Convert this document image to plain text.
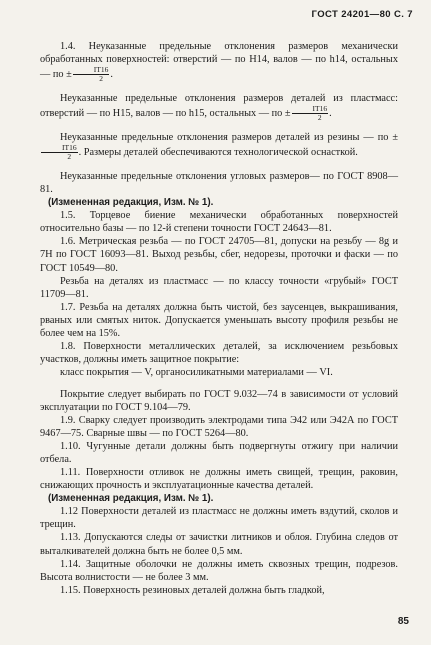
ГОСТ 24201—80 С. 7

1.4. Неуказанные предельные отклонения размеров механически обработанных поверхностей: отверстий — по Н14, валов — по h14, остальных — по ± $\frac{IT16}{2}$ .

Неуказанные предельные отклонения размеров деталей из пластмасс: отверстий — по Н15, валов — по h15, остальных — по ± $\frac{IT16}{2}$ .

Неуказанные предельные отклонения размеров деталей из резины — по ±
$\frac{IT16}{2}$ . Размеры деталей обеспечиваются технологической оснасткой.

Неуказанные предельные отклонения угловых размеров— по ГОСТ 8908—81.

(Измененная редакция, Изм. № 1).

1.5. Торцевое биение механически обработанных поверхностей относительно базы — по 12-й степени точности ГОСТ 24643—81.

1.6. Метрическая резьба — по ГОСТ 24705—81, допуски на резьбу — 8g и 7H по ГОСТ 16093—81. Выход резьбы, сбег, недорезы, проточки и фаски — по ГОСТ 10549—80.

Резьба на деталях из пластмасс — по классу точности «грубый» ГОСТ 11709—81.

1.7. Резьба на деталях должна быть чистой, без заусенцев, выкрашивания, рваных или смятых ниток. Допускается уменьшать высоту профиля резьбы не более чем на 15%.

1.8. Поверхности металлических деталей, за исключением резьбовых участков, должны иметь защитное покрытие:

класс покрытия — V, органосиликатными материалами — VI.

Покрытие следует выбирать по ГОСТ 9.032—74 в зависимости от условий эксплуатации по ГОСТ 9.104—79.

1.9. Сварку следует производить электродами типа Э42 или Э42А по ГОСТ 9467—75. Сварные швы — по ГОСТ 5264—80.

1.10. Чугунные детали должны быть подвергнуты отжигу при наличии отбела.

1.11. Поверхности отливок не должны иметь свищей, трещин, раковин, снижающих прочность и эксплуатационные качества деталей.

(Измененная редакция, Изм. № 1).

1.12 Поверхности деталей из пластмасс не должны иметь вздутий, сколов и трещин.

1.13. Допускаются следы от зачистки литников и облоя. Глубина следов от выталкивателей должна быть не более 0,5 мм.

1.14. Защитные оболочки не должны иметь сквозных трещин, подрезов. Высота волнистости — не более 3 мм.

1.15. Поверхность резиновых деталей должна быть гладкой,

85
